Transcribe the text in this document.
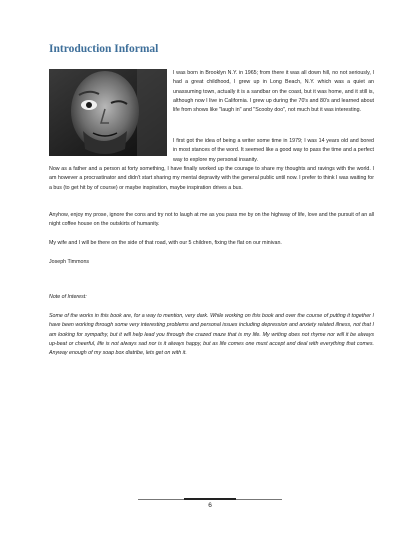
Introduction Informal

I was born in Brooklyn N.Y. in 1965; from there it was all down hill, no not seriously, I had a great childhood, I grew up in Long Beach, N.Y. which was a quiet an unassuming town, actually it is a sandbar on the coast, but it was home, and it still is, although now I live in California. I grew up during the 70's and 80's and learned about life from shows like "laugh in" and "Scooby doo", not much but it was interesting.

I first got the idea of being a writer some time in 1979; I was 14 years old and bored in most stances of the word. It seemed like a good way to pass the time and a perfect way to explore my personal insanity.

Now as a father and a person at forty something, I have finally worked up the courage to share my thoughts and ravings with the world. I am however a procrastinator and didn't start sharing my mental depravity with the general public until now. I prefer to think I was waiting for a bus (to get hit by of course) or maybe inspiration, maybe inspiration drives a bus.

Anyhow, enjoy my prose, ignore the cons and try not to laugh at me as you pass me by on the highway of life, love and the pursuit of an all night coffee house on the outskirts of humanity.

My wife and I will be there on the side of that road, with our 5 children, fixing the flat on our minivan.

Joseph Timmons

Note of Interest:

Some of the works in this book are, for a way to mention, very dark. While working on this book and over the course of putting it together I have been working through some very interesting problems and personal issues including depression and anxiety related illness, not that I am looking for sympathy, but it will help lead you through the crazed maze that is my life. My writing does not rhyme nor will it be always up-beat or cheerful, life is not always sad nor is it always happy, but as life comes one must accept and deal with everything that comes. Anyway enough of my soap box diatribe, lets get on with it.

6
